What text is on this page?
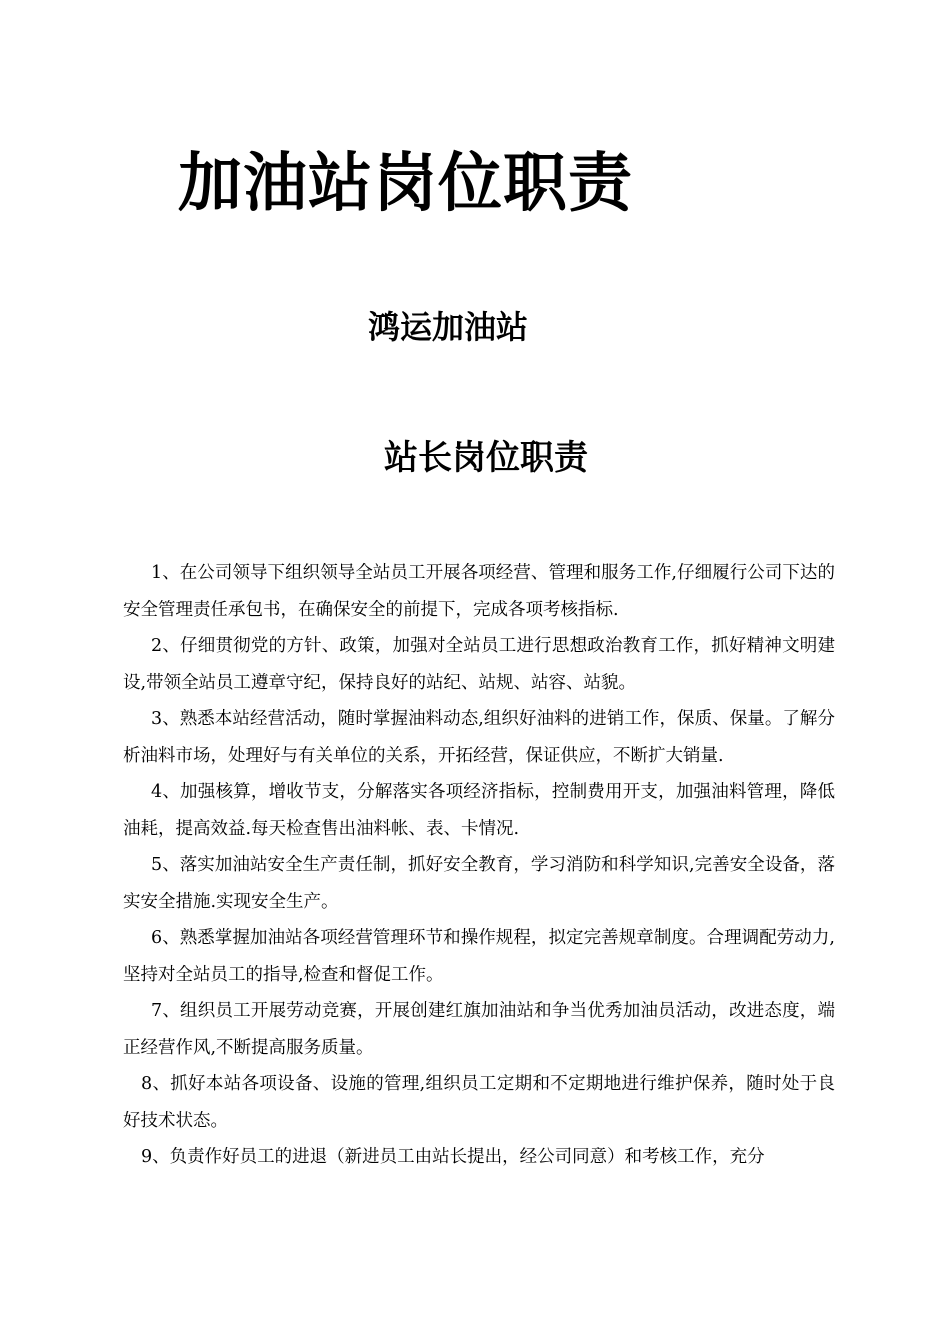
加油站岗位职责
鸿运加油站
站长岗位职责
1、在公司领导下组织领导全站员工开展各项经营、管理和服务工作,仔细履行公司下达的安全管理责任承包书，在确保安全的前提下，完成各项考核指标.
2、仔细贯彻党的方针、政策，加强对全站员工进行思想政治教育工作，抓好精神文明建设,带领全站员工遵章守纪，保持良好的站纪、站规、站容、站貌。
3、熟悉本站经营活动，随时掌握油料动态,组织好油料的进销工作，保质、保量。了解分析油料市场，处理好与有关单位的关系，开拓经营，保证供应，不断扩大销量.
4、加强核算，增收节支，分解落实各项经济指标，控制费用开支，加强油料管理，降低油耗，提高效益.每天检查售出油料帐、表、卡情况.
5、落实加油站安全生产责任制，抓好安全教育，学习消防和科学知识,完善安全设备，落实安全措施.实现安全生产。
6、熟悉掌握加油站各项经营管理环节和操作规程，拟定完善规章制度。合理调配劳动力,坚持对全站员工的指导,检查和督促工作。
7、组织员工开展劳动竞赛，开展创建红旗加油站和争当优秀加油员活动，改进态度，端正经营作风,不断提高服务质量。
8、抓好本站各项设备、设施的管理,组织员工定期和不定期地进行维护保养，随时处于良好技术状态。
9、负责作好员工的进退（新进员工由站长提出，经公司同意）和考核工作，充分
